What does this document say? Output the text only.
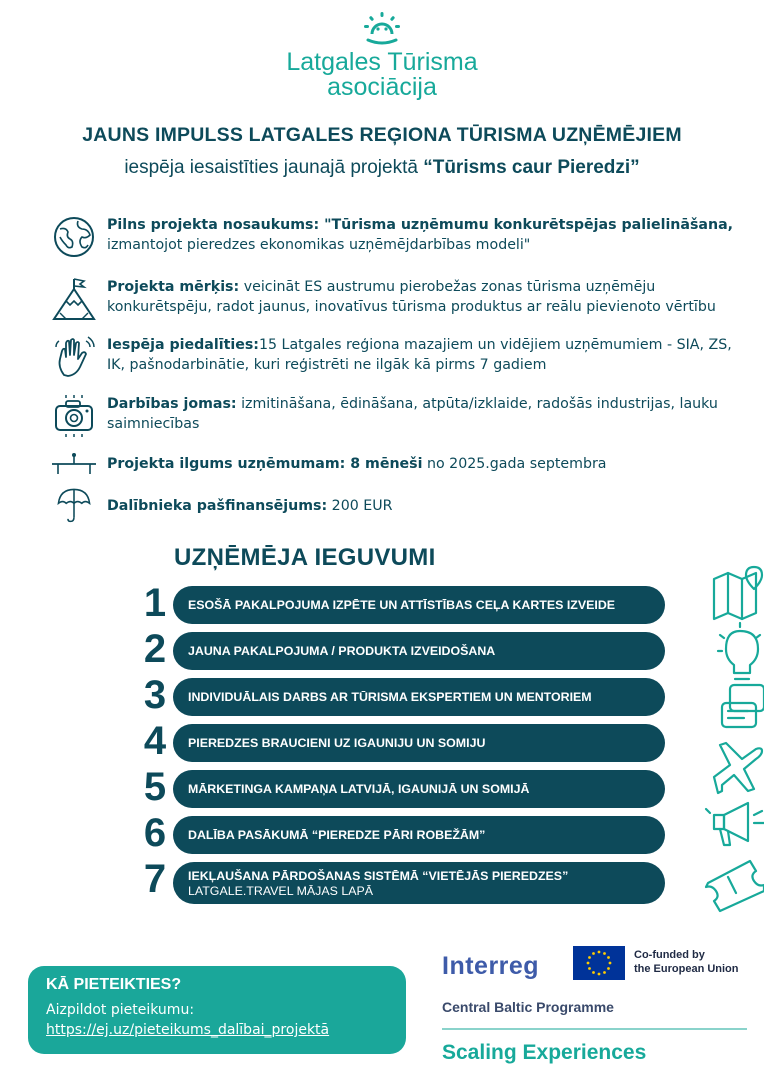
Latgales Tūrisma
asociācija
JAUNS IMPULSS LATGALES REĢIONA TŪRISMA UZŅĒMĒJIEM
iespēja iesaistīties jaunajā projektā “Tūrisms caur Pieredzi”
Pilns projekta nosaukums: "Tūrisma uzņēmumu konkurētspējas palielināšana,
izmantojot pieredzes ekonomikas uzņēmējdarbības modeli"
Projekta mērķis: veicināt ES austrumu pierobežas zonas tūrisma uzņēmēju konkurētspēju, radot jaunus, inovatīvus tūrisma produktus ar reālu pievienoto vērtību
Iespēja piedalīties:15 Latgales reģiona mazajiem un vidējiem uzņēmumiem - SIA, ZS, IK, pašnodarbinātie, kuri reģistrēti ne ilgāk kā pirms 7 gadiem
Darbības jomas: izmitināšana, ēdināšana, atpūta/izklaide, radošās industrijas, lauku saimniecības
Projekta ilgums uzņēmumam: 8 mēneši no 2025.gada septembra
Dalībnieka pašfinansējums: 200 EUR
UZŅĒMĒJA IEGUVUMI
1	ESOŠĀ PAKALPOJUMA IZPĒTE UN ATTĪSTĪBAS CEĻA KARTES IZVEIDE
2	JAUNA PAKALPOJUMA / PRODUKTA IZVEIDOŠANA
3	INDIVIDUĀLAIS DARBS AR TŪRISMA EKSPERTIEM UN MENTORIEM
4	PIEREDZES BRAUCIENI UZ IGAUNIJU UN SOMIJU
5	MĀRKETINGA KAMPAŅA LATVIJĀ, IGAUNIJĀ UN SOMIJĀ
6	DALĪBA PASĀKUMĀ “PIEREDZE PĀRI ROBEŽĀM”
7	IEKĻAUŠANA PĀRDOŠANAS SISTĒMĀ “VIETĒJĀS PIEREDZES”
LATGALE.TRAVEL MĀJAS LAPĀ
KĀ PIETEIKTIES?
Aizpildot pieteikumu:
https://ej.uz/pieteikums_dalībai_projektā
Interreg	Co-funded by
the European Union
Central Baltic Programme
Scaling Experiences
